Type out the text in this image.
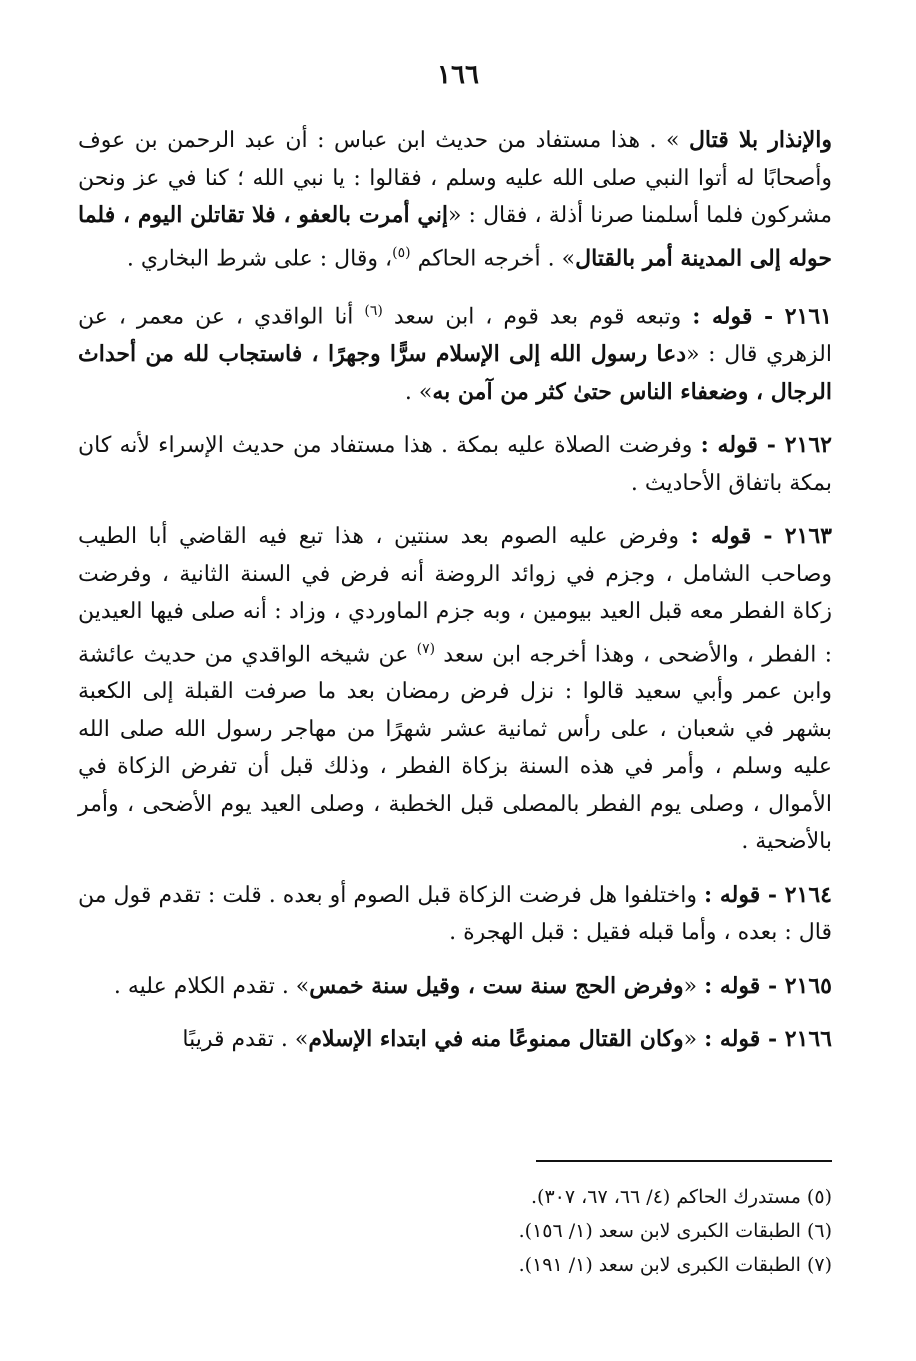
١٦٦

والإنذار بلا قتال » . هذا مستفاد من حديث ابن عباس : أن عبد الرحمن بن عوف وأصحابًا له أتوا النبي صلى الله عليه وسلم ، فقالوا : يا نبي الله ؛ كنا في عز ونحن مشركون فلما أسلمنا صرنا أذلة ، فقال : «إني أمرت بالعفو ، فلا تقاتلن اليوم ، فلما حوله إلى المدينة أمر بالقتال» . أخرجه الحاكم $^{(٥)}$، وقال : على شرط البخاري .

٢١٦١ - قوله : وتبعه قوم بعد قوم ، ابن سعد $^{(٦)}$ أنا الواقدي ، عن معمر ، عن الزهري قال : «دعا رسول الله إلى الإسلام سرًّا وجهرًا ، فاستجاب لله من أحداث الرجال ، وضعفاء الناس حتىٰ كثر من آمن به» .

٢١٦٢ - قوله : وفرضت الصلاة عليه بمكة . هذا مستفاد من حديث الإسراء لأنه كان بمكة باتفاق الأحاديث .

٢١٦٣ - قوله : وفرض عليه الصوم بعد سنتين ، هذا تبع فيه القاضي أبا الطيب وصاحب الشامل ، وجزم في زوائد الروضة أنه فرض في السنة الثانية ، وفرضت زكاة الفطر معه قبل العيد بيومين ، وبه جزم الماوردي ، وزاد : أنه صلى فيها العيدين : الفطر ، والأضحى ، وهذا أخرجه ابن سعد $^{(٧)}$ عن شيخه الواقدي من حديث عائشة وابن عمر وأبي سعيد قالوا : نزل فرض رمضان بعد ما صرفت القبلة إلى الكعبة بشهر في شعبان ، على رأس ثمانية عشر شهرًا من مهاجر رسول الله صلى الله عليه وسلم ، وأمر في هذه السنة بزكاة الفطر ، وذلك قبل أن تفرض الزكاة في الأموال ، وصلى يوم الفطر بالمصلى قبل الخطبة ، وصلى العيد يوم الأضحى ، وأمر بالأضحية .

٢١٦٤ - قوله : واختلفوا هل فرضت الزكاة قبل الصوم أو بعده . قلت : تقدم قول من قال : بعده ، وأما قبله فقيل : قبل الهجرة .

٢١٦٥ - قوله : «وفرض الحج سنة ست ، وقيل سنة خمس» . تقدم الكلام عليه .

٢١٦٦ - قوله : «وكان القتال ممنوعًا منه في ابتداء الإسلام» . تقدم قريبًا

(٥) مستدرك الحاكم (٤/ ٦٦، ٦٧، ٣٠٧).

(٦) الطبقات الكبرى لابن سعد (١/ ١٥٦).

(٧) الطبقات الكبرى لابن سعد (١/ ١٩١).
